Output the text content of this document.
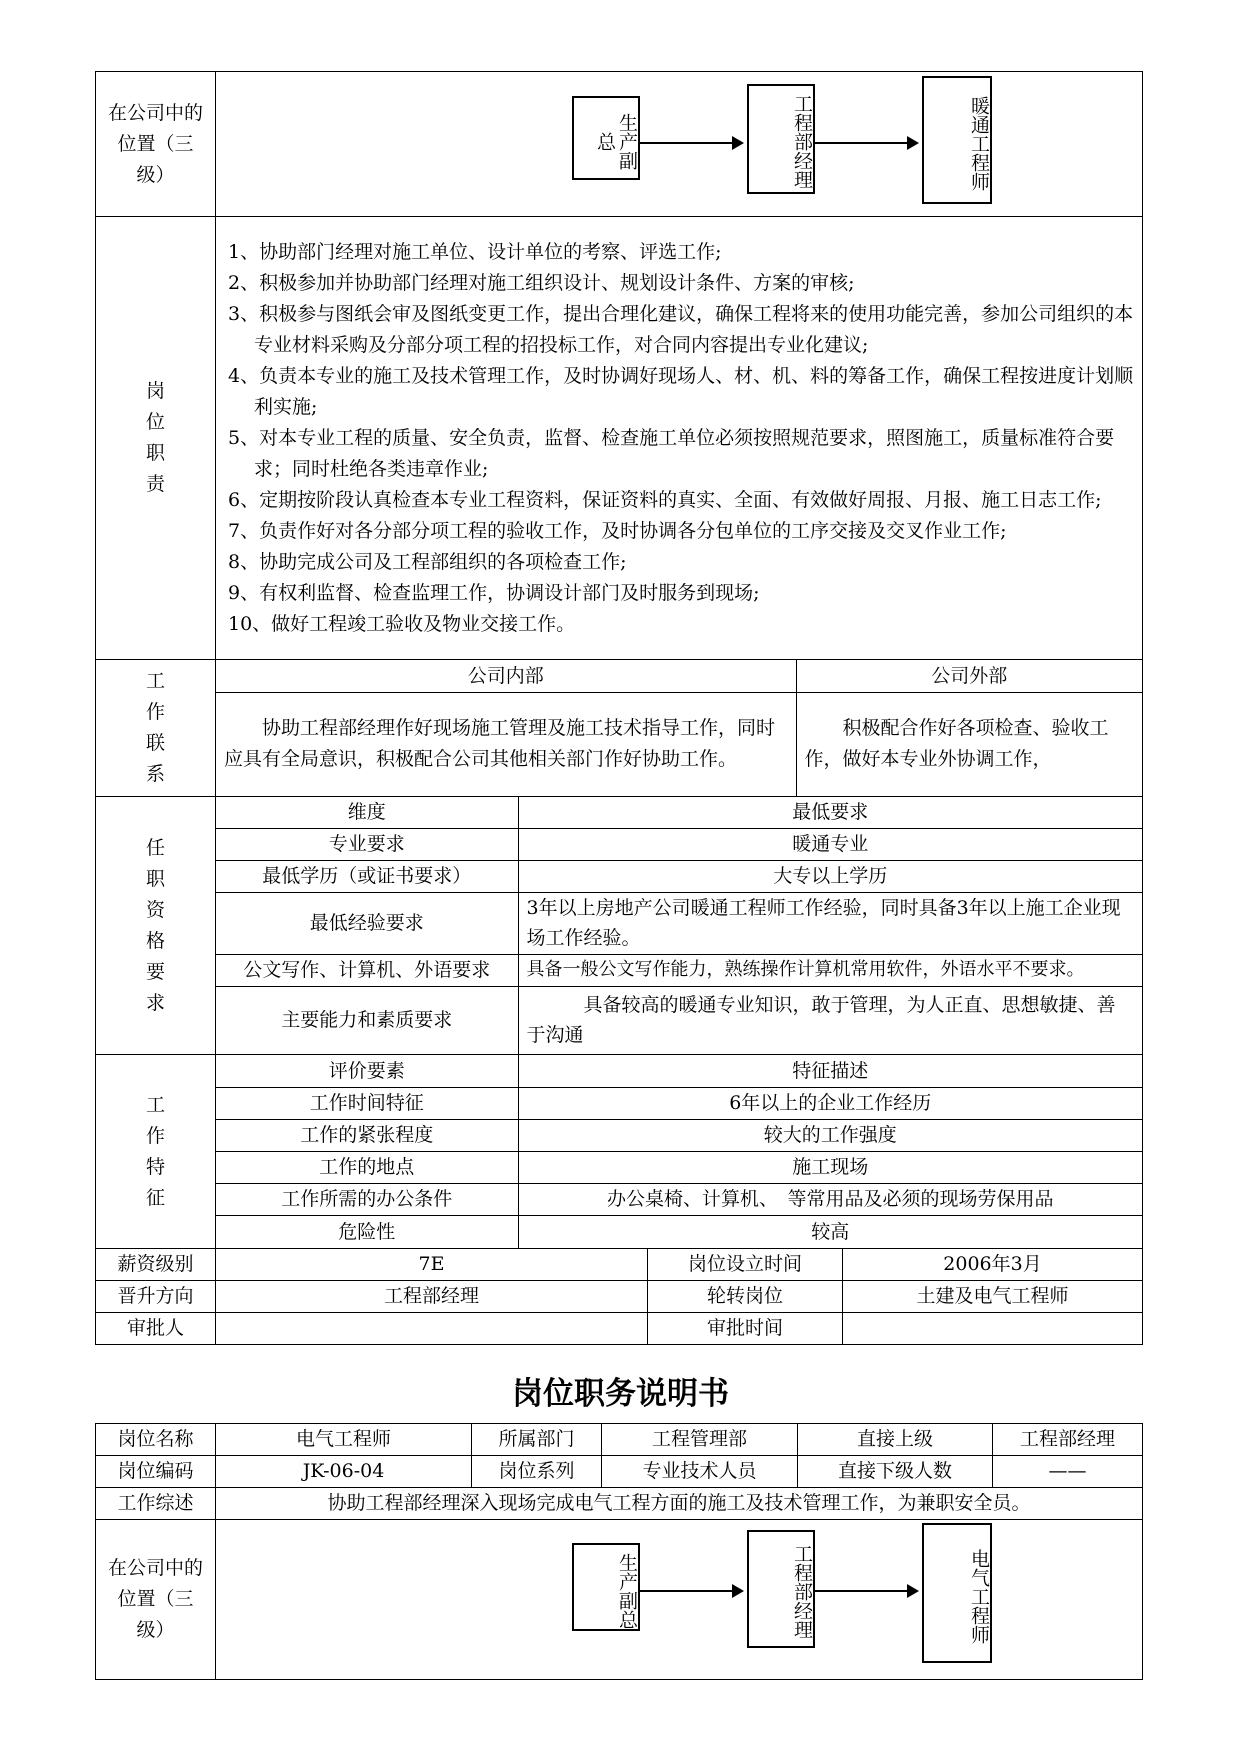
在公司中的位置（三级）	
生产副总	工程部经理	暖通工程师

岗位职责	
1、协助部门经理对施工单位、设计单位的考察、评选工作;
2、积极参加并协助部门经理对施工组织设计、规划设计条件、方案的审核;
3、积极参与图纸会审及图纸变更工作，提出合理化建议，确保工程将来的使用功能完善，参加公司组织的本专业材料采购及分部分项工程的招投标工作，对合同内容提出专业化建议;
4、负责本专业的施工及技术管理工作，及时协调好现场人、材、机、料的筹备工作，确保工程按进度计划顺利实施;
5、对本专业工程的质量、安全负责，监督、检查施工单位必须按照规范要求，照图施工，质量标准符合要求；同时杜绝各类违章作业;
6、定期按阶段认真检查本专业工程资料，保证资料的真实、全面、有效做好周报、月报、施工日志工作;
7、负责作好对各分部分项工程的验收工作，及时协调各分包单位的工序交接及交叉作业工作;
8、协助完成公司及工程部组织的各项检查工作;
9、有权利监督、检查监理工作，协调设计部门及时服务到现场;
10、做好工程竣工验收及物业交接工作。

工作联系	
公司内部	公司外部
协助工程部经理作好现场施工管理及施工技术指导工作，同时应具有全局意识，积极配合公司其他相关部门作好协助工作。	积极配合作好各项检查、验收工作，做好本专业外协调工作，

任职资格要求	
维度	最低要求
专业要求	暖通专业
最低学历（或证书要求）	大专以上学历
最低经验要求	3年以上房地产公司暖通工程师工作经验，同时具备3年以上施工企业现场工作经验。
公文写作、计算机、外语要求	具备一般公文写作能力，熟练操作计算机常用软件，外语水平不要求。
主要能力和素质要求	具备较高的暖通专业知识，敢于管理，为人正直、思想敏捷、善于沟通

工作特征	
评价要素	特征描述
工作时间特征	6年以上的企业工作经历
工作的紧张程度	较大的工作强度
工作的地点	施工现场
工作所需的办公条件	办公桌椅、计算机、　等常用品及必须的现场劳保用品
危险性	较高

薪资级别	7E	岗位设立时间	2006年3月
晋升方向	工程部经理	轮转岗位	土建及电气工程师
审批人		审批时间	
岗位职务说明书
岗位名称	电气工程师	所属部门	工程管理部	直接上级	工程部经理
岗位编码	JK-06-04	岗位系列	专业技术人员	直接下级人数	——
工作综述	协助工程部经理深入现场完成电气工程方面的施工及技术管理工作，为兼职安全员。				
在公司中的位置（三级）	生产副总 工程部经理 电气工程师				
